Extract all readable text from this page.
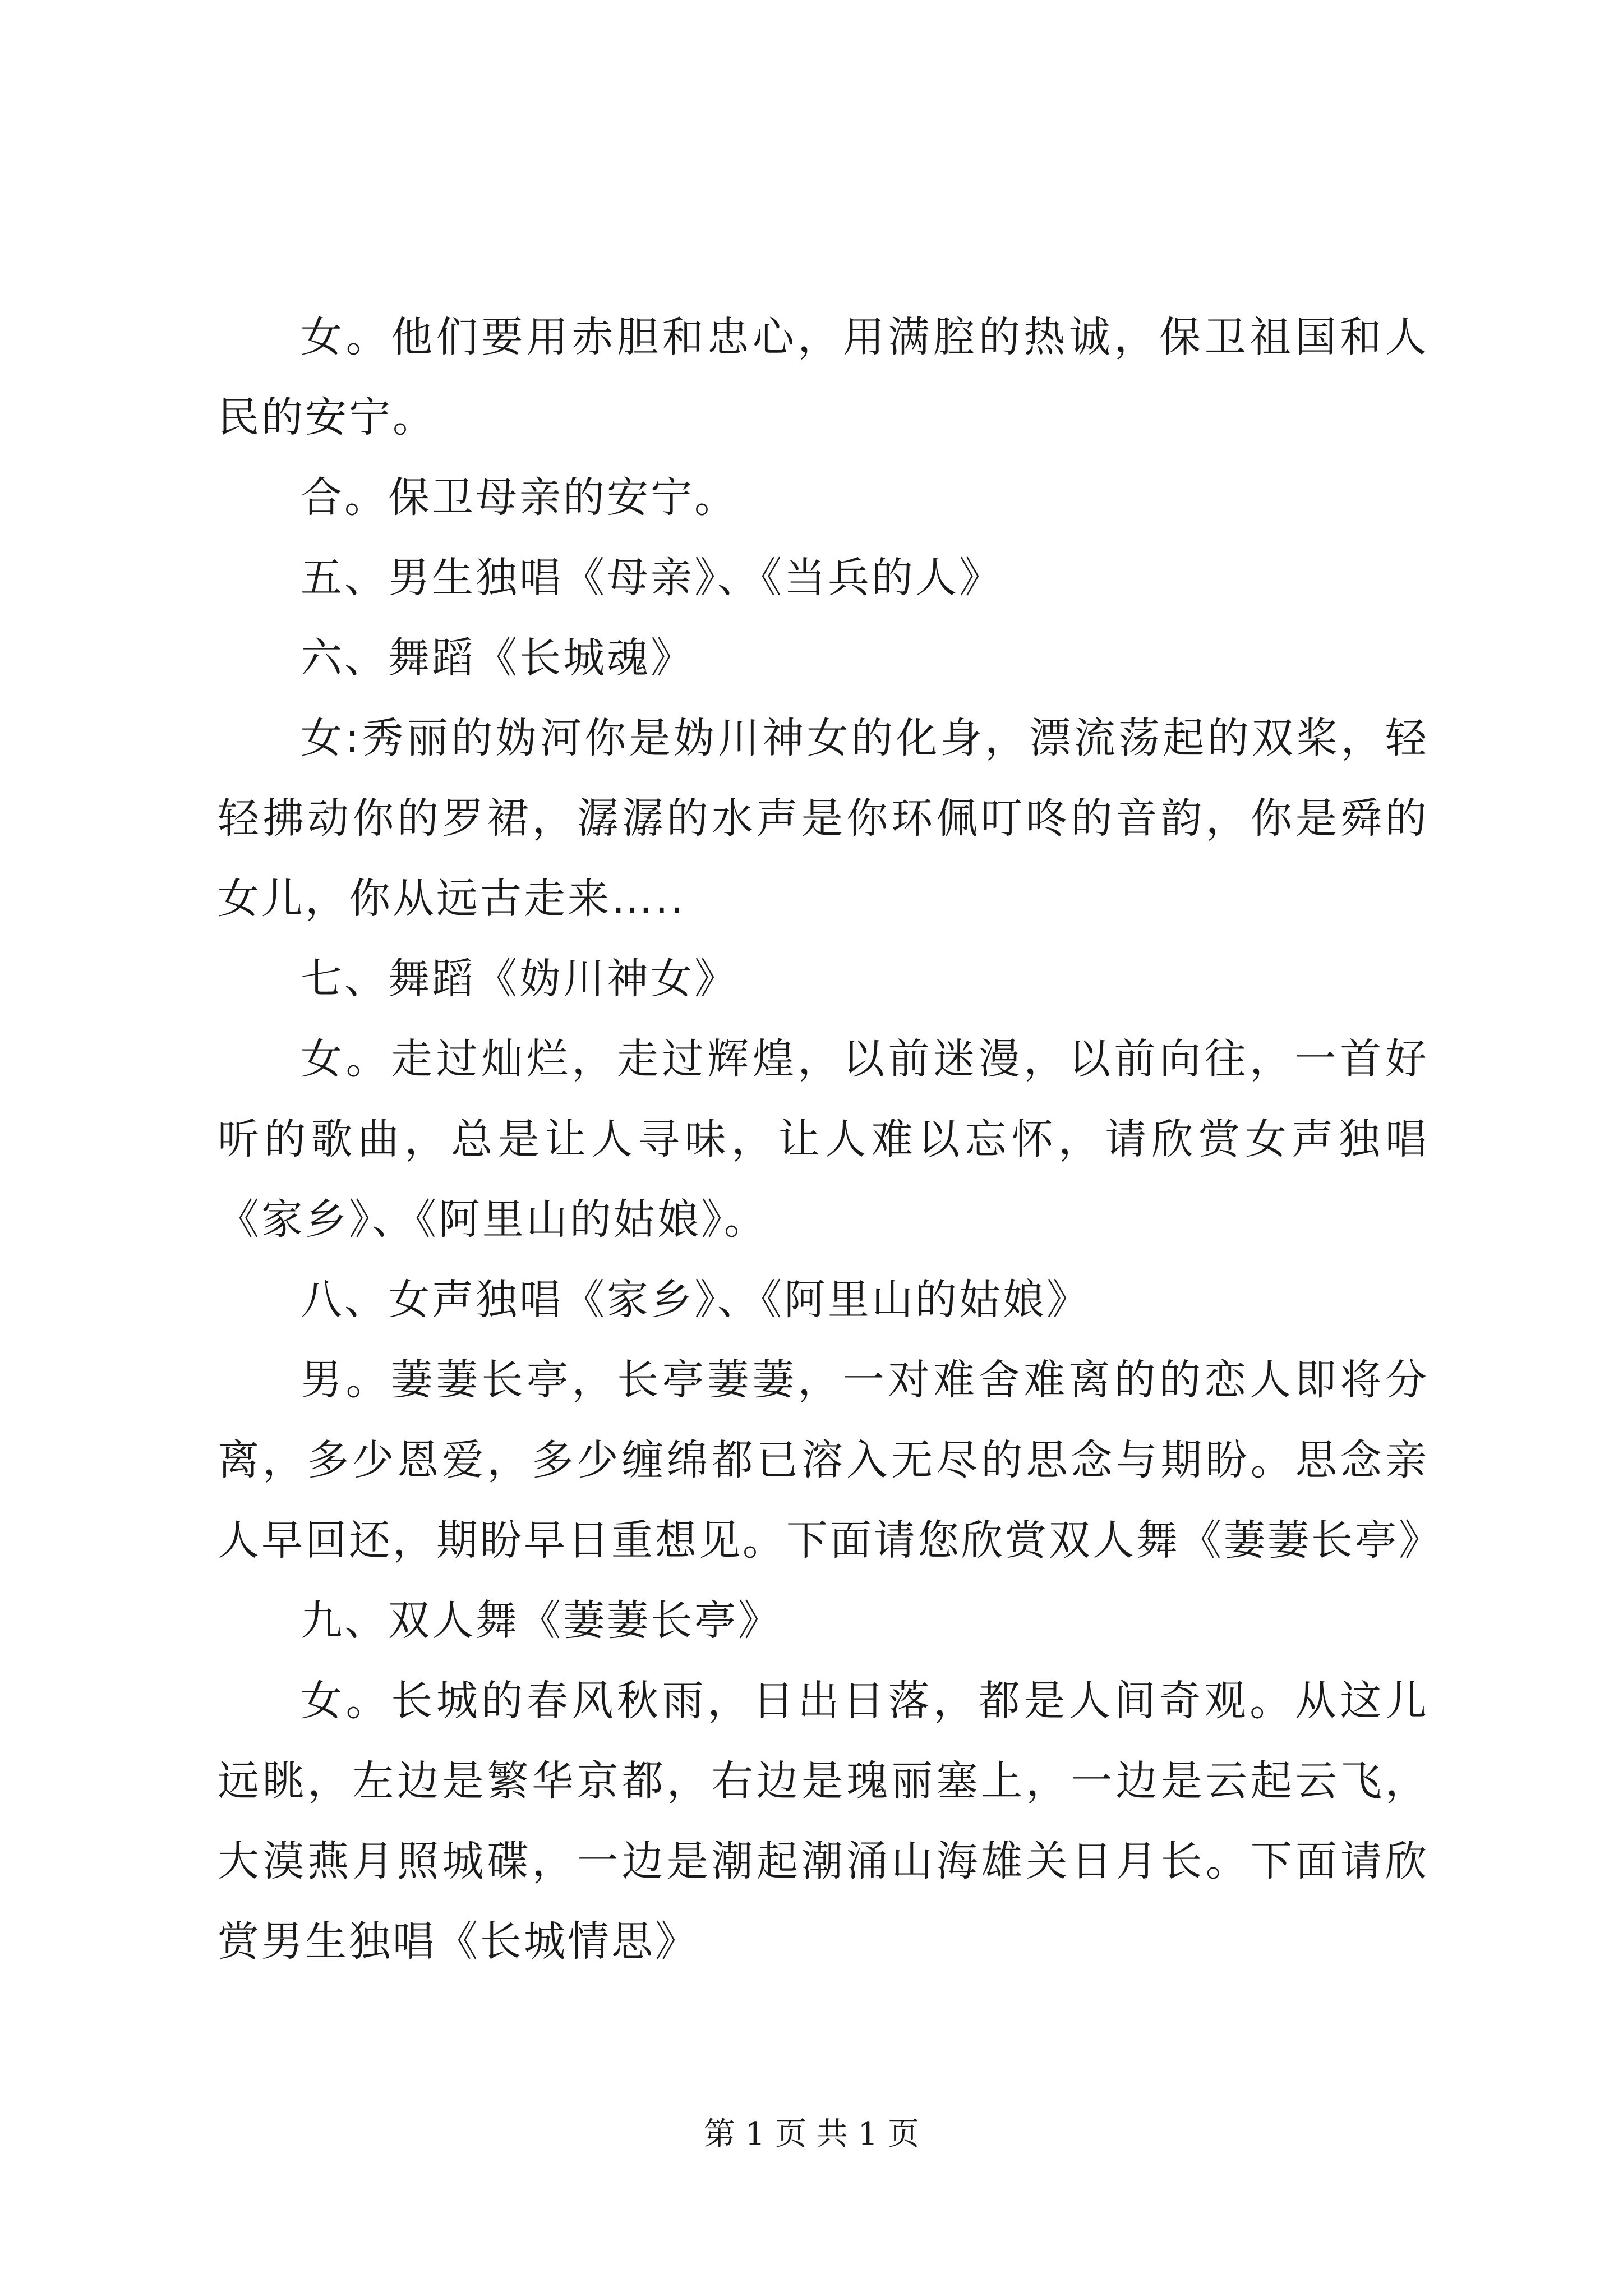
女。他们要用赤胆和忠心，用满腔的热诚，保卫祖国和人民的安宁。

合。保卫母亲的安宁。

五、男生独唱《母亲》、《当兵的人》

六、舞蹈《长城魂》

女:秀丽的妫河你是妫川神女的化身，漂流荡起的双桨，轻轻拂动你的罗裙，潺潺的水声是你环佩叮咚的音韵，你是舜的女儿，你从远古走来…..

七、舞蹈《妫川神女》

女。走过灿烂，走过辉煌，以前迷漫，以前向往，一首好听的歌曲，总是让人寻味，让人难以忘怀，请欣赏女声独唱《家乡》、《阿里山的姑娘》。

八、女声独唱《家乡》、《阿里山的姑娘》

男。萋萋长亭，长亭萋萋，一对难舍难离的的恋人即将分离，多少恩爱，多少缠绵都已溶入无尽的思念与期盼。思念亲人早回还，期盼早日重想见。下面请您欣赏双人舞《萋萋长亭》

九、双人舞《萋萋长亭》

女。长城的春风秋雨，日出日落，都是人间奇观。从这儿远眺，左边是繁华京都，右边是瑰丽塞上，一边是云起云飞，大漠燕月照城碟，一边是潮起潮涌山海雄关日月长。下面请欣赏男生独唱《长城情思》

第 1 页 共 1 页
